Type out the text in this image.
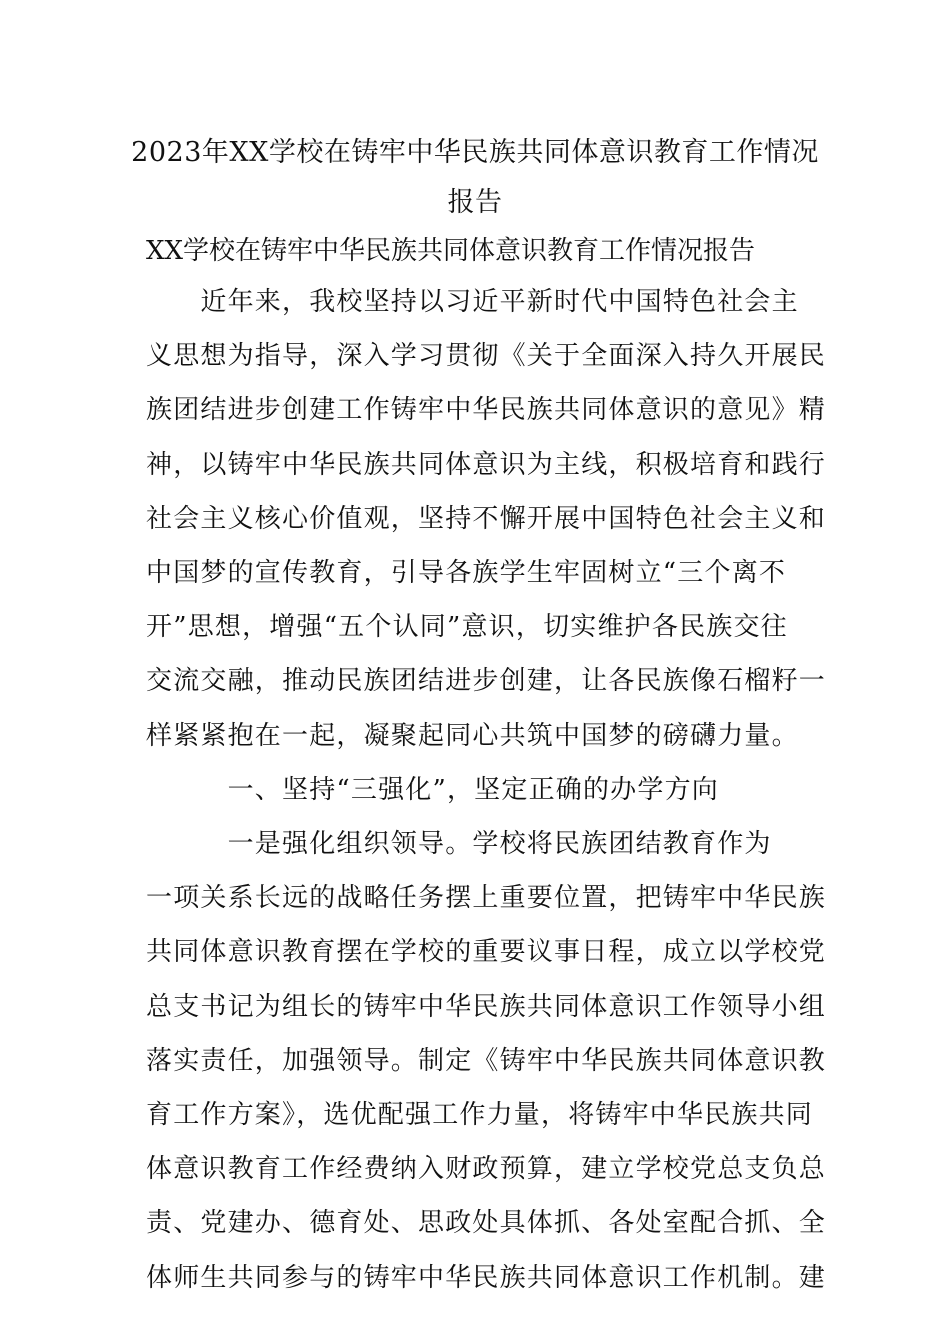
2023年XX学校在铸牢中华民族共同体意识教育工作情况
报告
XX学校在铸牢中华民族共同体意识教育工作情况报告
　　近年来，我校坚持以习近平新时代中国特色社会主
义思想为指导，深入学习贯彻《关于全面深入持久开展民
族团结进步创建工作铸牢中华民族共同体意识的意见》精
神，以铸牢中华民族共同体意识为主线，积极培育和践行
社会主义核心价值观，坚持不懈开展中国特色社会主义和
中国梦的宣传教育，引导各族学生牢固树立“三个离不
开”思想，增强“五个认同”意识，切实维护各民族交往
交流交融，推动民族团结进步创建，让各民族像石榴籽一
样紧紧抱在一起，凝聚起同心共筑中国梦的磅礴力量。
　　　一、坚持“三强化”，坚定正确的办学方向
　　　一是强化组织领导。学校将民族团结教育作为
一项关系长远的战略任务摆上重要位置，把铸牢中华民族
共同体意识教育摆在学校的重要议事日程，成立以学校党
总支书记为组长的铸牢中华民族共同体意识工作领导小组
落实责任，加强领导。制定《铸牢中华民族共同体意识教
育工作方案》，选优配强工作力量，将铸牢中华民族共同
体意识教育工作经费纳入财政预算，建立学校党总支负总
责、党建办、德育处、思政处具体抓、各处室配合抓、全
体师生共同参与的铸牢中华民族共同体意识工作机制。建
